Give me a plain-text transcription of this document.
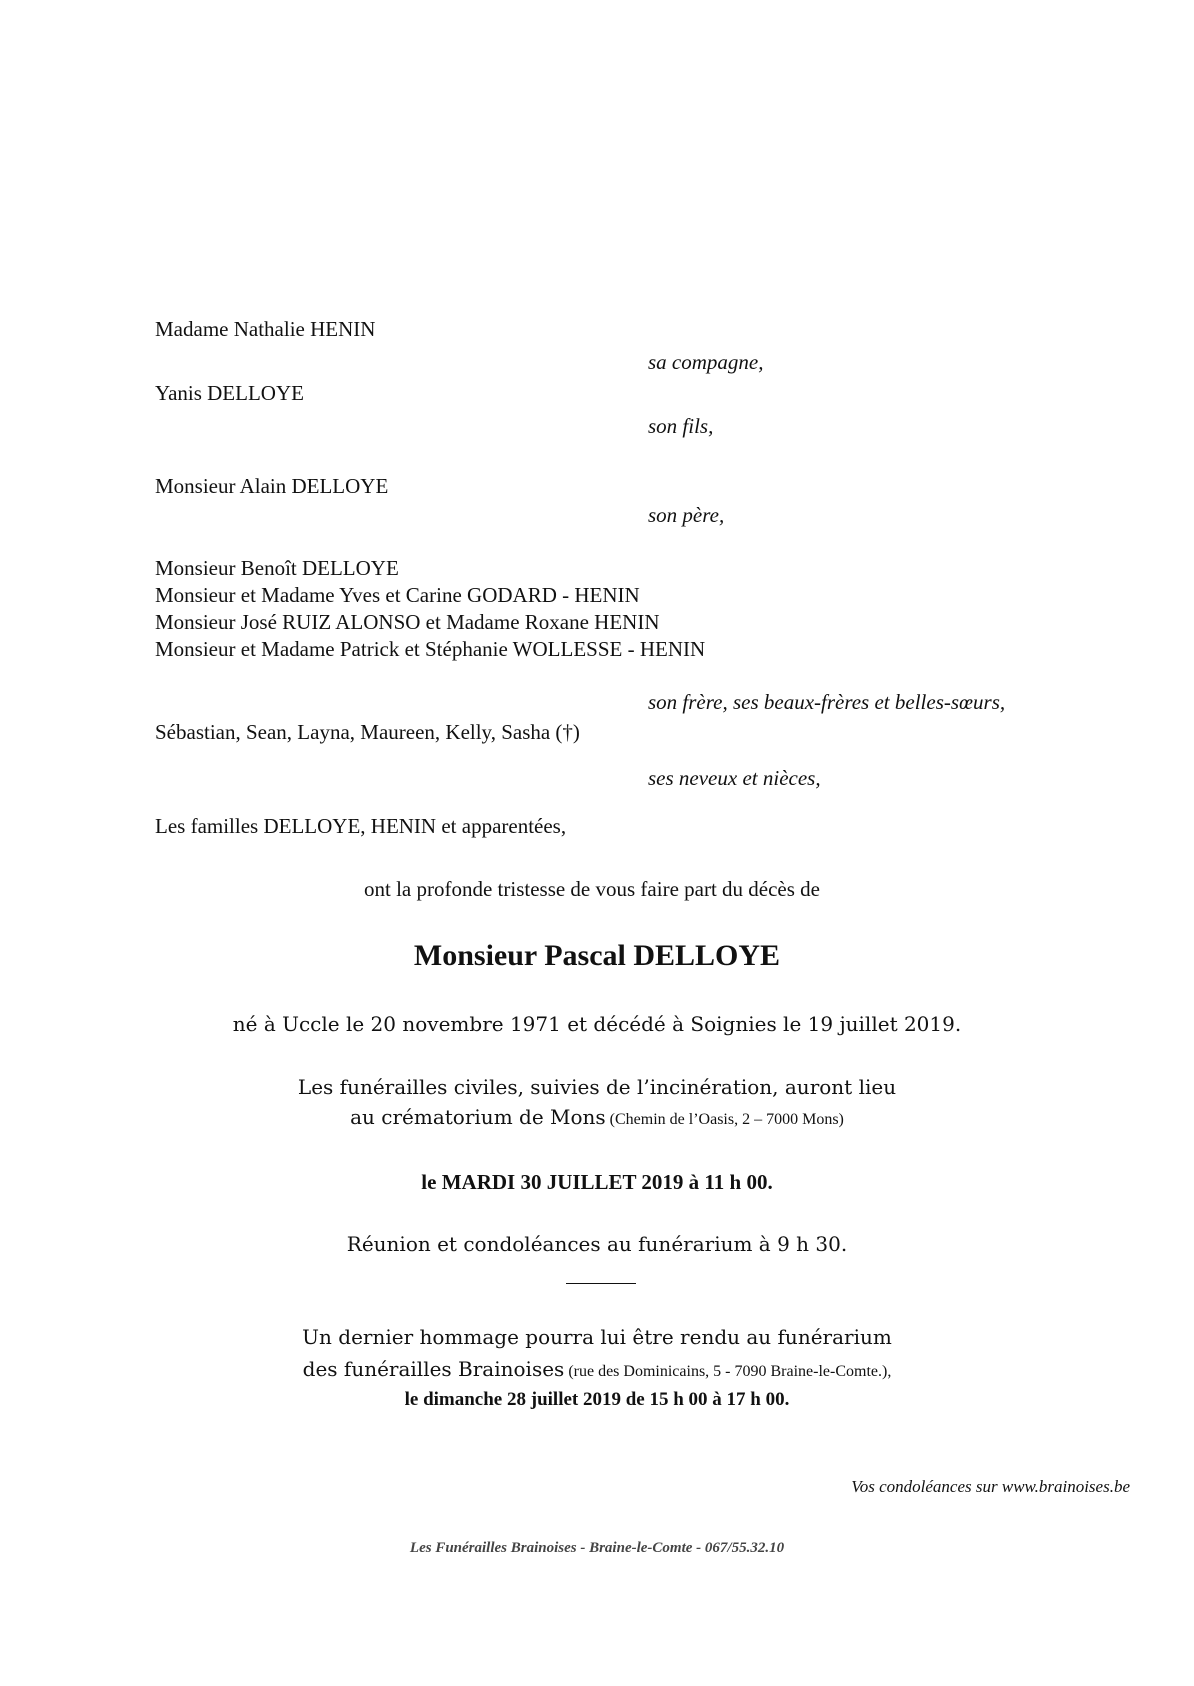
Madame Nathalie HENIN
sa compagne,
Yanis DELLOYE
son fils,
Monsieur Alain DELLOYE
son père,
Monsieur Benoît DELLOYE
Monsieur et Madame Yves et Carine GODARD - HENIN
Monsieur José RUIZ ALONSO et Madame Roxane HENIN
Monsieur et Madame Patrick et Stéphanie WOLLESSE - HENIN
son frère, ses beaux-frères et belles-sœurs,
Sébastian, Sean, Layna, Maureen, Kelly, Sasha (†)
ses neveux et nièces,
Les familles DELLOYE, HENIN et apparentées,
ont la profonde tristesse de vous faire part du décès de
Monsieur Pascal DELLOYE
né à Uccle le 20 novembre 1971 et décédé à Soignies le 19 juillet 2019.
Les funérailles civiles, suivies de l’incinération, auront lieu
au crématorium de Mons (Chemin de l’Oasis, 2 – 7000 Mons)
le MARDI 30 JUILLET 2019 à 11 h 00.
Réunion et condoléances au funérarium à 9 h 30.
Un dernier hommage pourra lui être rendu au funérarium
des funérailles Brainoises (rue des Dominicains, 5 - 7090 Braine-le-Comte.),
le dimanche 28 juillet 2019 de 15 h 00 à 17 h 00.
Vos condoléances sur www.brainoises.be
Les Funérailles Brainoises - Braine-le-Comte - 067/55.32.10
